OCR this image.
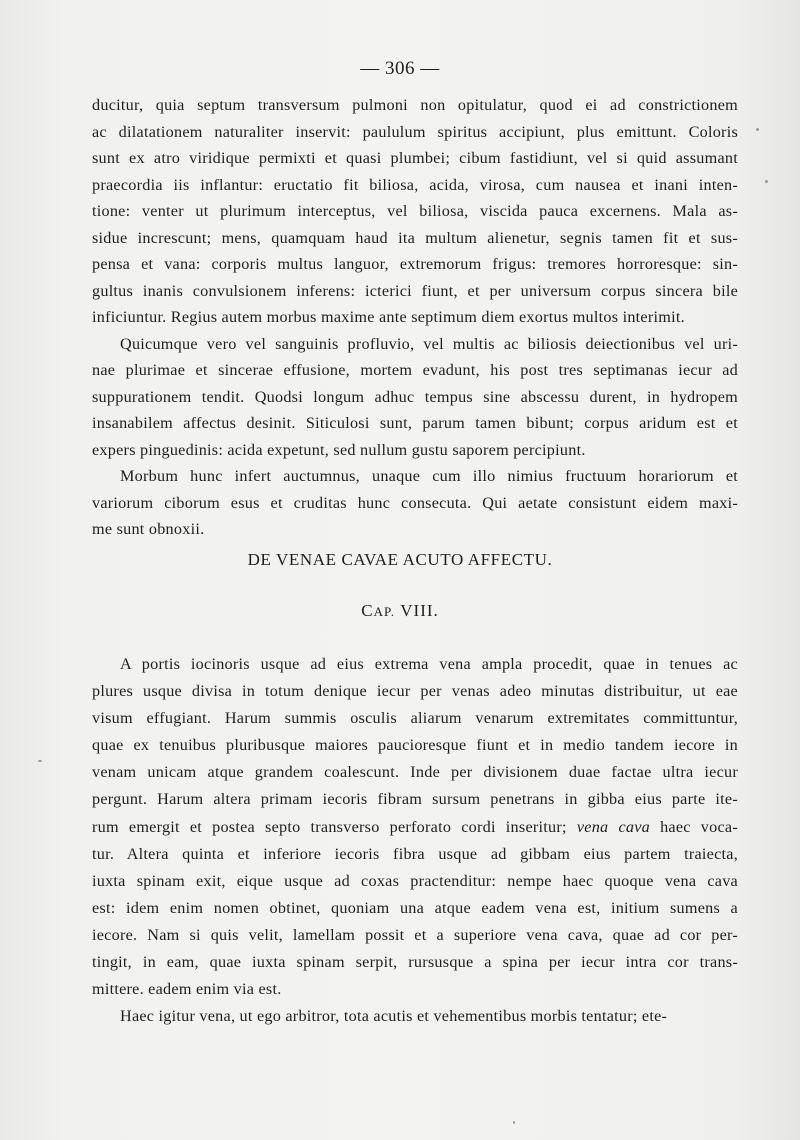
— 306 —
ducitur, quia septum transversum pulmoni non opitulatur, quod ei ad constrictionem
ac dilatationem naturaliter inservit: paululum spiritus accipiunt, plus emittunt. Coloris
sunt ex atro viridique permixti et quasi plumbei; cibum fastidiunt, vel si quid assumant
praecordia iis inflantur: eructatio fit biliosa, acida, virosa, cum nausea et inani inten-
tione: venter ut plurimum interceptus, vel biliosa, viscida pauca excernens. Mala as-
sidue increscunt; mens, quamquam haud ita multum alienetur, segnis tamen fit et sus-
pensa et vana: corporis multus languor, extremorum frigus: tremores horroresque: sin-
gultus inanis convulsionem inferens: icterici fiunt, et per universum corpus sincera bile
inficiuntur. Regius autem morbus maxime ante septimum diem exortus multos interimit.
Quicumque vero vel sanguinis profluvio, vel multis ac biliosis deiectionibus vel uri-
nae plurimae et sincerae effusione, mortem evadunt, his post tres septimanas iecur ad
suppurationem tendit. Quodsi longum adhuc tempus sine abscessu durent, in hydropem
insanabilem affectus desinit. Siticulosi sunt, parum tamen bibunt; corpus aridum est et
expers pinguedinis: acida expetunt, sed nullum gustu saporem percipiunt.
Morbum hunc infert auctumnus, unaque cum illo nimius fructuum horariorum et
variorum ciborum esus et cruditas hunc consecuta. Qui aetate consistunt eidem maxi-
me sunt obnoxii.
DE VENAE CAVAE ACUTO AFFECTU.
CAP. VIII.
A portis iocinoris usque ad eius extrema vena ampla procedit, quae in tenues ac
plures usque divisa in totum denique iecur per venas adeo minutas distribuitur, ut eae
visum effugiant. Harum summis osculis aliarum venarum extremitates committuntur,
quae ex tenuibus pluribusque maiores paucioresque fiunt et in medio tandem iecore in
venam unicam atque grandem coalescunt. Inde per divisionem duae factae ultra iecur
pergunt. Harum altera primam iecoris fibram sursum penetrans in gibba eius parte ite-
rum emergit et postea septo transverso perforato cordi inseritur; vena cava haec voca-
tur. Altera quinta et inferiore iecoris fibra usque ad gibbam eius partem traiecta,
iuxta spinam exit, eique usque ad coxas practenditur: nempe haec quoque vena cava
est: idem enim nomen obtinet, quoniam una atque eadem vena est, initium sumens a
iecore. Nam si quis velit, lamellam possit et a superiore vena cava, quae ad cor per-
tingit, in eam, quae iuxta spinam serpit, rursusque a spina per iecur intra cor trans-
mittere. eadem enim via est.
Haec igitur vena, ut ego arbitror, tota acutis et vehementibus morbis tentatur; ete-
